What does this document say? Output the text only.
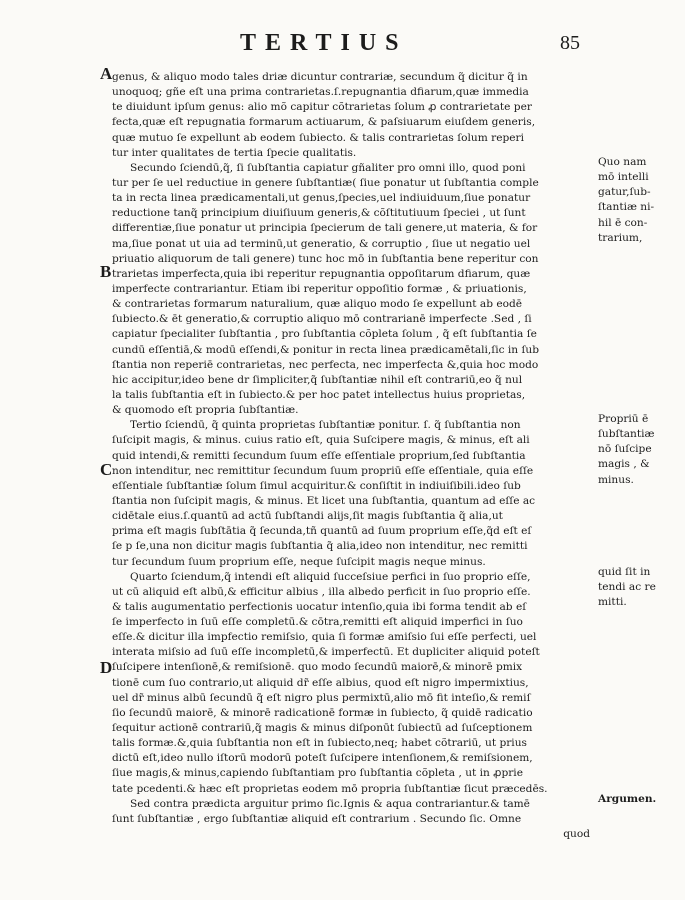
TERTIUS	85
A
B
C
D
genus, & aliquo modo tales driæ dicuntur contrariæ, secundum q̃ dicitur q̃ in
unoquoq; gñe eſt una prima contrarietas.ſ.repugnantia dfiarum,quæ immedia
te diuidunt ipſum genus: alio mõ capitur cõtrarietas ſolum ꝓ contrarietate per
fecta,quæ eſt repugnatia formarum actiuarum, & paſsiuarum eiuſdem generis,
quæ mutuo ſe expellunt ab eodem ſubiecto. & talis contrarietas ſolum reperi
tur inter qualitates de tertia ſpecie qualitatis.
Secundo ſciendū,q̃, ſi ſubſtantia capiatur gñaliter pro omni illo, quod poni
tur per ſe uel reductiue in genere ſubſtantiæ( ſiue ponatur ut ſubſtantia comple
ta in recta linea prædicamentali,ut genus,ſpecies,uel indiuiduum,ſiue ponatur
reductione tanq̃ principium diuiſiuum generis,& cõſtitutiuum ſpeciei , ut ſunt
differentiæ,ſiue ponatur ut principia ſpecierum de tali genere,ut materia, & for
ma,ſiue ponat ut uia ad terminū,ut generatio, & corruptio , ſiue ut negatio uel
priuatio aliquorum de tali genere) tunc hoc mō in ſubſtantia bene reperitur con
trarietas imperfecta,quia ibi reperitur repugnantia oppoſitarum dfiarum, quæ
imperfecte contrariantur. Etiam ibi reperitur oppoſitio formæ , & priuationis,
& contrarietas formarum naturalium, quæ aliquo modo ſe expellunt ab eodē
ſubiecto.& ēt generatio,& corruptio aliquo mō contrarianē imperfecte .Sed , ſi
capiatur ſpecialiter ſubſtantia , pro ſubſtantia cõpleta ſolum , q̃ eſt ſubſtantia ſe
cundū eſſentiā,& modū eſſendi,& ponitur in recta linea prædicamētali,ſic in ſub
ſtantia non reperiē contrarietas, nec perfecta, nec imperfecta &,quia hoc modo
hic accipitur,ideo bene dr ſimpliciter,q̃ ſubſtantiæ nihil eſt contrariū,eo q̃ nul
la talis ſubſtantia eſt in ſubiecto.& per hoc patet intellectus huius proprietas,
& quomodo eſt propria ſubſtantiæ.
Tertio ſciendū, q̃ quinta proprietas ſubſtantiæ ponitur. ſ. q̃ ſubſtantia non
ſuſcipit magis, & minus. cuius ratio eſt, quia Suſcipere magis, & minus, eſt ali
quid intendi,& remitti ſecundum ſuum eſſe eſſentiale proprium,ſed ſubſtantia
non intenditur, nec remittitur ſecundum ſuum propriū eſſe eſſentiale, quia eſſe
eſſentiale ſubſtantiæ ſolum ſimul acquiritur.& conſiſtit in indiuiſibili.ideo ſub
ſtantia non ſuſcipit magis, & minus. Et licet una ſubſtantia, quantum ad eſſe ac
cidētale eius.ſ.quantū ad actū ſubſtandi alijs,ſit magis ſubſtantia q̃ alia,ut
prima eſt magis ſubſtātia q̃ ſecunda,tñ quantū ad ſuum proprium eſſe,q̃d eſt eſ
ſe p ſe,una non dicitur magis ſubſtantia q̃ alia,ideo non intenditur, nec remitti
tur ſecundum ſuum proprium eſſe, neque ſuſcipit magis neque minus.
Quarto ſciendum,q̃ intendi eſt aliquid ſucceſsiue perfici in ſuo proprio eſſe,
ut cū aliquid eſt albū,& efficitur albius , illa albedo perficit in ſuo proprio eſſe.
& talis augumentatio perfectionis uocatur intenſio,quia ibi forma tendit ab eſ
ſe imperfecto in ſuū eſſe completū.& cōtra,remitti eſt aliquid imperfici in ſuo
eſſe.& dicitur illa impfectio remiſsio, quia ſi formæ amiſsio ſui eſſe perfecti, uel
interata miſsio ad ſuū eſſe incompletū,& imperfectū. Et dupliciter aliquid poteſt
ſuſcipere intenſionē,& remiſsionē. quo modo ſecundū maiorē,& minorē pmix
tionē cum ſuo contrario,ut aliquid dr̃ eſſe albius, quod eſt nigro impermixtius,
uel dr̃ minus albū ſecundū q̃ eſt nigro plus permixtū,alio mō fit inteſio,& remiſ
ſio ſecundū maiorē, & minorē radicationē formæ in ſubiecto, q̃ quidē radicatio
ſequitur actionē contrariū,q̃ magis & minus diſponūt ſubiectū ad ſuſceptionem
talis formæ.&,quia ſubſtantia non eſt in ſubiecto,neq; habet cõtrariū, ut prius
dictū eſt,ideo nullo iſtorū modorū poteſt ſuſcipere intenſionem,& remiſsionem,
ſiue magis,& minus,capiendo ſubſtantiam pro ſubſtantia cõpleta , ut in ꝓprie
tate pcedenti.& hæc eſt proprietas eodem mō propria ſubſtantiæ ſicut præcedēs.
Sed contra prædicta arguitur primo ſic.Ignis & aqua contrariantur.& tamē
ſunt ſubſtantiæ , ergo ſubſtantiæ aliquid eſt contrarium . Secundo ſic. Omne
quod
Quo nam
mō intelli
gatur,ſub-
ſtantiæ ni-
hil ē con-
trarium,
Propriū ē
ſubſtantiæ
nō ſuſcipe
magis , &
minus.
quid ſit in
tendi ac re
mitti.
Argumen.
